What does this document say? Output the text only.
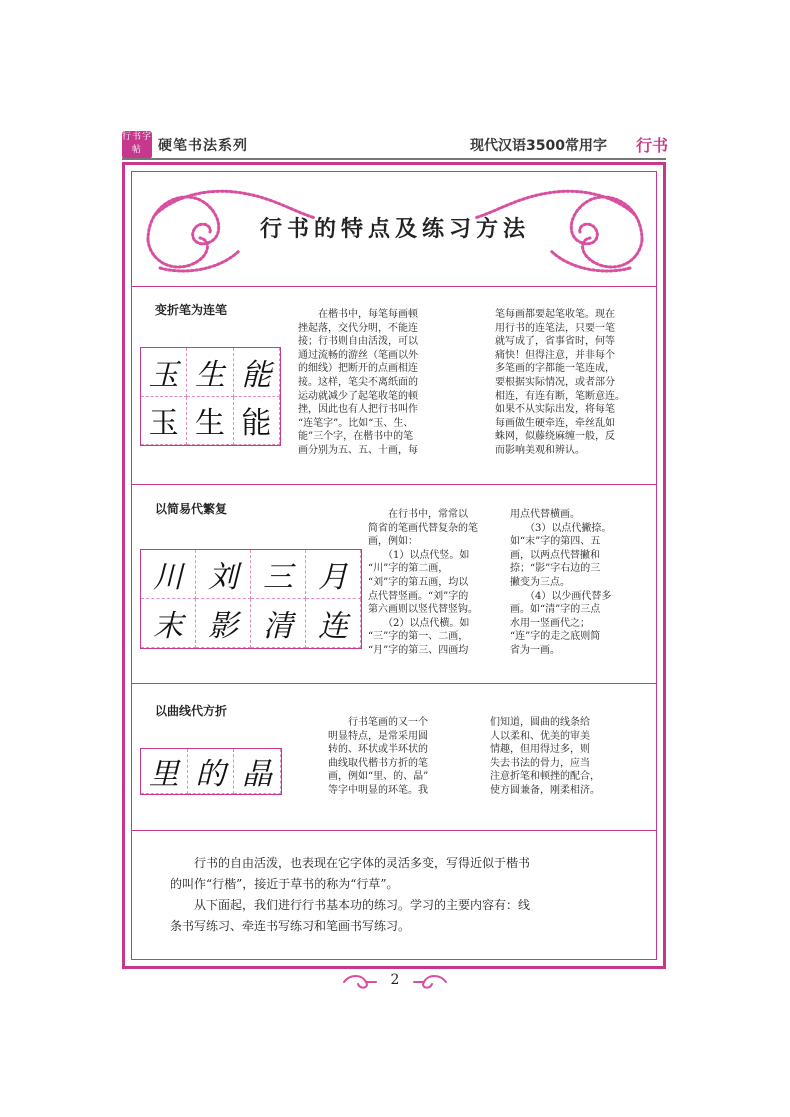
行书字帖	硬笔书法系列	现代汉语3500常用字 行书
行书的特点及练习方法
变折笔为连笔
玉 生 能
玉 生 能
　　在楷书中，每笔每画顿
挫起落，交代分明，不能连
接；行书则自由活泼，可以
通过流畅的游丝（笔画以外
的细线）把断开的点画相连
接。这样，笔尖不离纸面的
运动就减少了起笔收笔的顿
挫，因此也有人把行书叫作
“连笔字”。比如“玉、生、
能”三个字，在楷书中的笔
画分别为五、五、十画，每
笔每画都要起笔收笔。现在
用行书的连笔法，只要一笔
就写成了，省事省时，何等
痛快！但得注意，并非每个
多笔画的字都能一笔连成，
要根据实际情况，或者部分
相连，有连有断，笔断意连。
如果不从实际出发，将每笔
每画做生硬牵连，牵丝乱如
蛛网，似藤绕麻缠一般，反
而影响美观和辨认。
以简易代繁复
川 刘 三 月
末 影 清 连
　　在行书中，常常以
简省的笔画代替复杂的笔
画，例如：
　　（1）以点代竖。如
“川”字的第二画，
“刘”字的第五画，均以
点代替竖画。“刘”字的
第六画则以竖代替竖钩。
　　（2）以点代横。如
“三”字的第一、二画，
“月”字的第三、四画均
用点代替横画。
　　（3）以点代撇捺。
如“末”字的第四、五
画，以两点代替撇和
捺；“影”字右边的三
撇变为三点。
　　（4）以少画代替多
画。如“清”字的三点
水用一竖画代之；
“连”字的走之底则简
省为一画。
以曲线代方折
里 的 晶
　　行书笔画的又一个
明显特点，是常采用圆
转的、环状或半环状的
曲线取代楷书方折的笔
画，例如“里、的、晶”
等字中明显的环笔。我
们知道，圆曲的线条给
人以柔和、优美的审美
情趣，但用得过多，则
失去书法的骨力，应当
注意折笔和顿挫的配合，
使方圆兼备，刚柔相济。
　　行书的自由活泼，也表现在它字体的灵活多变，写得近似于楷书
的叫作“行楷”，接近于草书的称为“行草”。
　　从下面起，我们进行行书基本功的练习。学习的主要内容有：线
条书写练习、牵连书写练习和笔画书写练习。
2
